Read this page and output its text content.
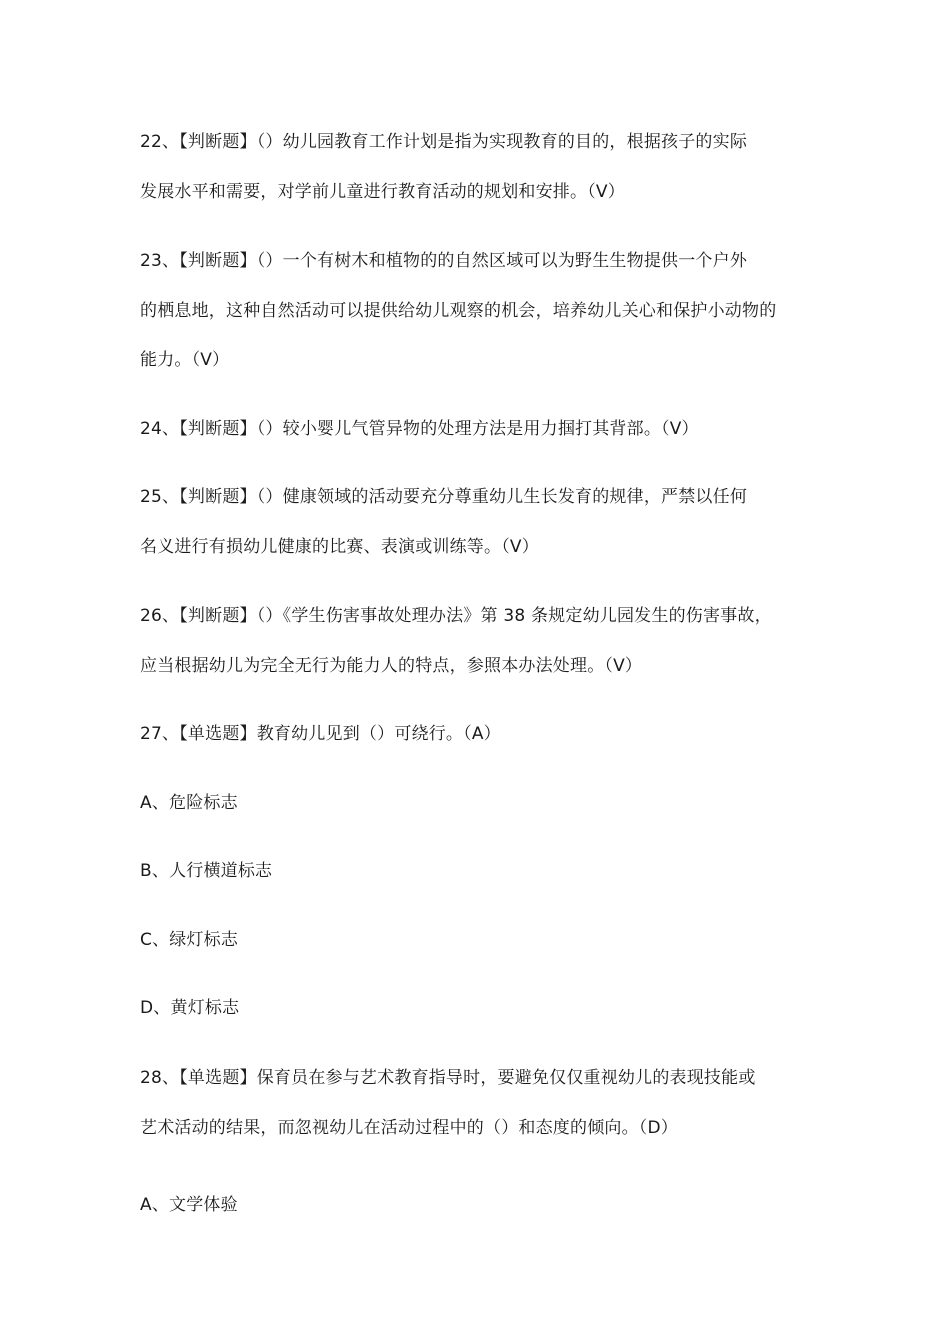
22、【判断题】（）幼儿园教育工作计划是指为实现教育的目的，根据孩子的实际
发展水平和需要，对学前儿童进行教育活动的规划和安排。（V）
23、【判断题】（）一个有树木和植物的的自然区域可以为野生生物提供一个户外
的栖息地，这种自然活动可以提供给幼儿观察的机会，培养幼儿关心和保护小动物的
能力。（V）
24、【判断题】（）较小婴儿气管异物的处理方法是用力掴打其背部。（V）
25、【判断题】（）健康领域的活动要充分尊重幼儿生长发育的规律，严禁以任何
名义进行有损幼儿健康的比赛、表演或训练等。（V）
26、【判断题】（）《学生伤害事故处理办法》第 38 条规定幼儿园发生的伤害事故，
应当根据幼儿为完全无行为能力人的特点，参照本办法处理。（V）
27、【单选题】教育幼儿见到（）可绕行。（A）
A、危险标志
B、人行横道标志
C、绿灯标志
D、黄灯标志
28、【单选题】保育员在参与艺术教育指导时，要避免仅仅重视幼儿的表现技能或
艺术活动的结果，而忽视幼儿在活动过程中的（）和态度的倾向。（D）
A、文学体验
